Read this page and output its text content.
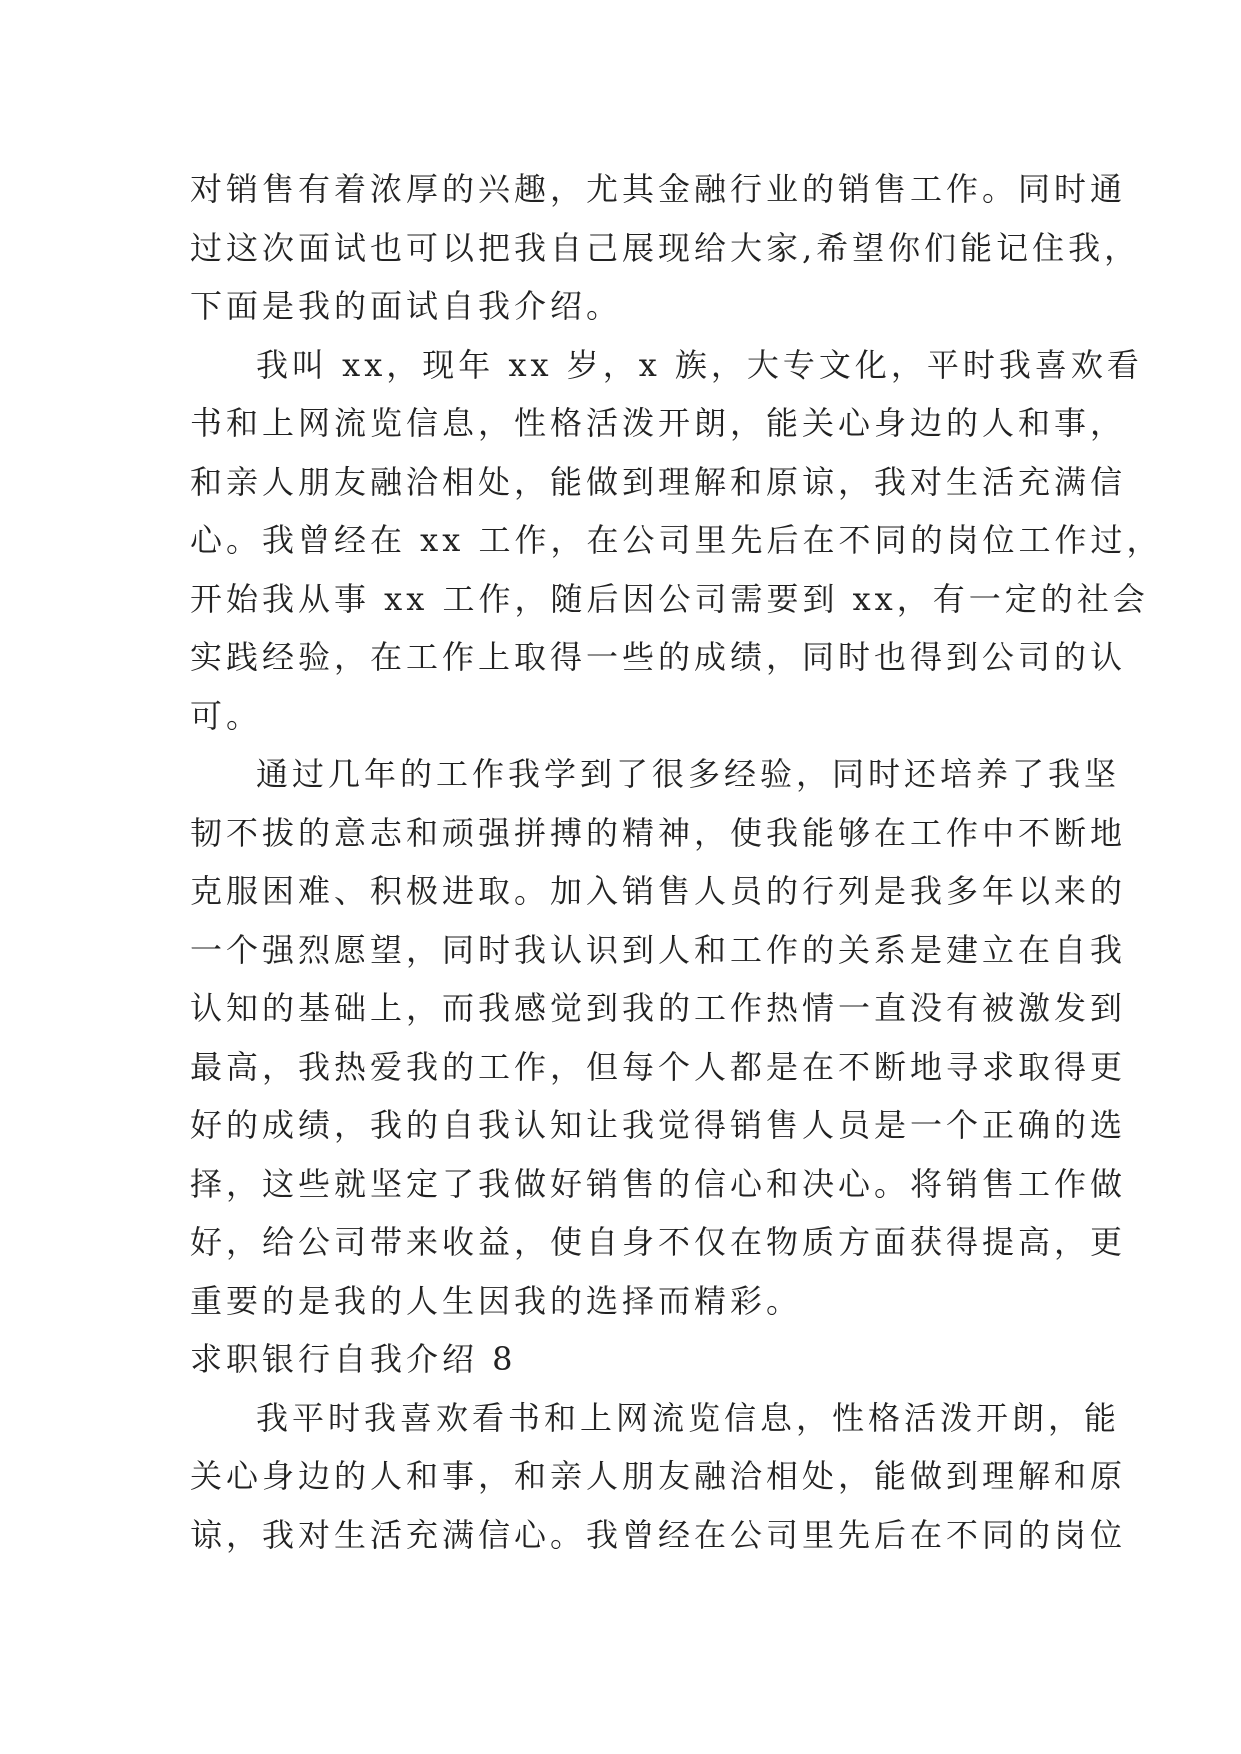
对销售有着浓厚的兴趣，尤其金融行业的销售工作。同时通
过这次面试也可以把我自己展现给大家,希望你们能记住我，
下面是我的面试自我介绍。
我叫 xx，现年 xx 岁，x 族，大专文化，平时我喜欢看
书和上网流览信息，性格活泼开朗，能关心身边的人和事，
和亲人朋友融洽相处，能做到理解和原谅，我对生活充满信
心。我曾经在 xx 工作，在公司里先后在不同的岗位工作过，
开始我从事 xx 工作，随后因公司需要到 xx，有一定的社会
实践经验，在工作上取得一些的成绩，同时也得到公司的认
可。
通过几年的工作我学到了很多经验，同时还培养了我坚
韧不拔的意志和顽强拼搏的精神，使我能够在工作中不断地
克服困难、积极进取。加入销售人员的行列是我多年以来的
一个强烈愿望，同时我认识到人和工作的关系是建立在自我
认知的基础上，而我感觉到我的工作热情一直没有被激发到
最高，我热爱我的工作，但每个人都是在不断地寻求取得更
好的成绩，我的自我认知让我觉得销售人员是一个正确的选
择，这些就坚定了我做好销售的信心和决心。将销售工作做
好，给公司带来收益，使自身不仅在物质方面获得提高，更
重要的是我的人生因我的选择而精彩。
求职银行自我介绍 8
我平时我喜欢看书和上网流览信息，性格活泼开朗，能
关心身边的人和事，和亲人朋友融洽相处，能做到理解和原
谅，我对生活充满信心。我曾经在公司里先后在不同的岗位
